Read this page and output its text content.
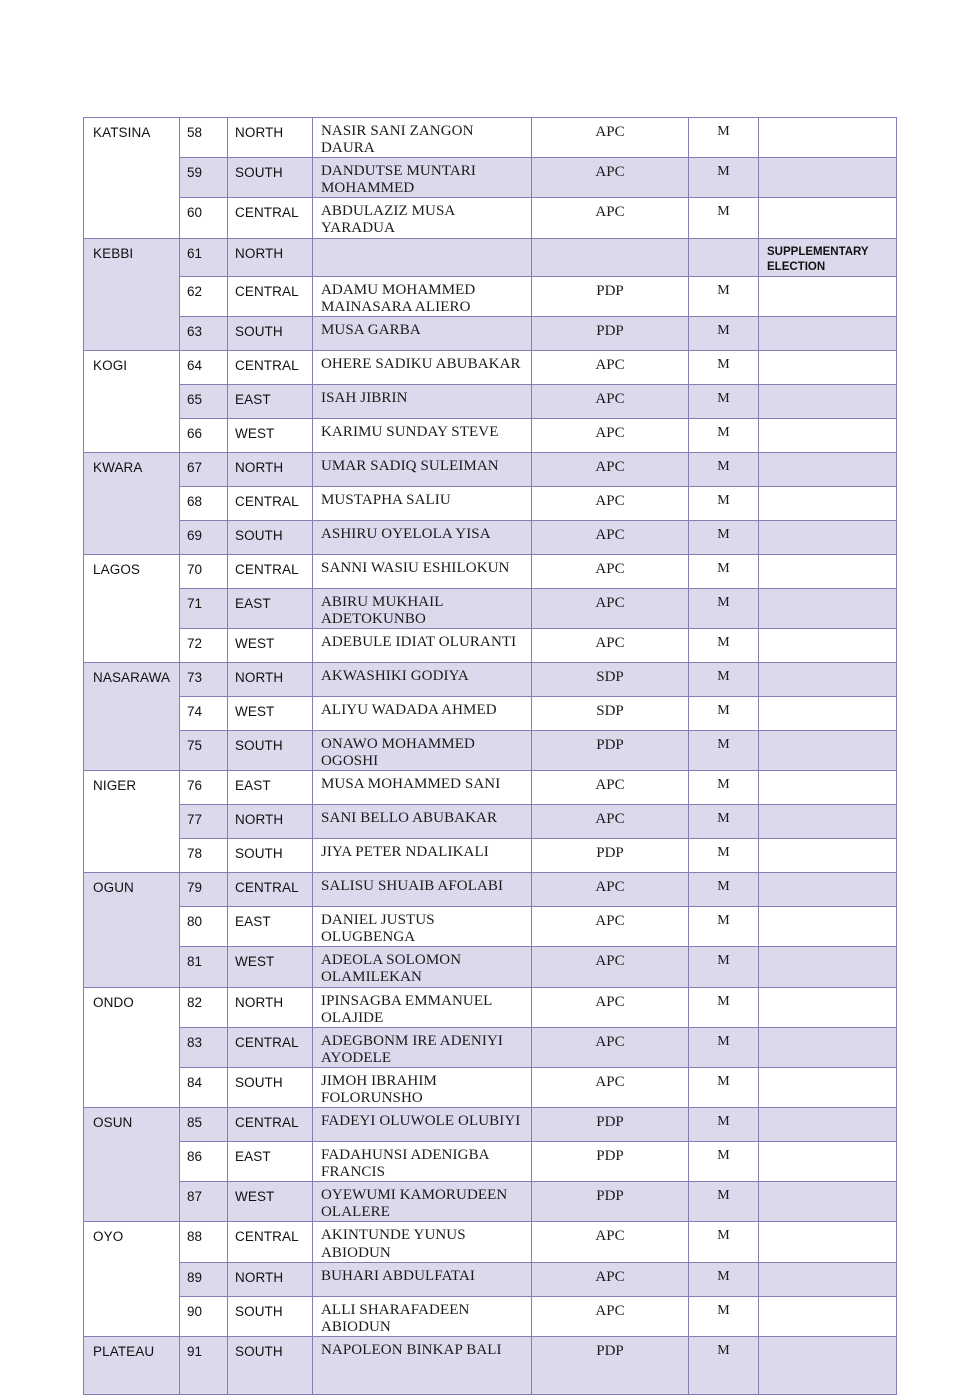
KATSINA	58	NORTH	NASIR SANI ZANGON DAURA	APC	M	

	59	SOUTH	DANDUTSE MUNTARI MOHAMMED	APC	M	

	60	CENTRAL	ABDULAZIZ MUSA YARADUA	APC	M	

KEBBI	61	NORTH				SUPPLEMENTARY ELECTION

	62	CENTRAL	ADAMU MOHAMMED MAINASARA ALIERO	PDP	M	

	63	SOUTH	MUSA GARBA	PDP	M	

KOGI	64	CENTRAL	OHERE SADIKU ABUBAKAR	APC	M	

	65	EAST	ISAH JIBRIN	APC	M	

	66	WEST	KARIMU SUNDAY STEVE	APC	M	

KWARA	67	NORTH	UMAR SADIQ SULEIMAN	APC	M	

	68	CENTRAL	MUSTAPHA SALIU	APC	M	

	69	SOUTH	ASHIRU OYELOLA YISA	APC	M	

LAGOS	70	CENTRAL	SANNI WASIU ESHILOKUN	APC	M	

	71	EAST	ABIRU MUKHAIL ADETOKUNBO	APC	M	

	72	WEST	ADEBULE IDIAT OLURANTI	APC	M	

NASARAWA	73	NORTH	AKWASHIKI GODIYA	SDP	M	

	74	WEST	ALIYU WADADA AHMED	SDP	M	

	75	SOUTH	ONAWO MOHAMMED OGOSHI	PDP	M	

NIGER	76	EAST	MUSA MOHAMMED SANI	APC	M	

	77	NORTH	SANI BELLO ABUBAKAR	APC	M	

	78	SOUTH	JIYA PETER NDALIKALI	PDP	M	

OGUN	79	CENTRAL	SALISU SHUAIB AFOLABI	APC	M	

	80	EAST	DANIEL JUSTUS OLUGBENGA	APC	M	

	81	WEST	ADEOLA SOLOMON OLAMILEKAN	APC	M	

ONDO	82	NORTH	IPINSAGBA EMMANUEL OLAJIDE	APC	M	

	83	CENTRAL	ADEGBONM IRE ADENIYI AYODELE	APC	M	

	84	SOUTH	JIMOH IBRAHIM FOLORUNSHO	APC	M	

OSUN	85	CENTRAL	FADEYI OLUWOLE OLUBIYI	PDP	M	

	86	EAST	FADAHUNSI ADENIGBA FRANCIS	PDP	M	

	87	WEST	OYEWUMI KAMORUDEEN OLALERE	PDP	M	

OYO	88	CENTRAL	AKINTUNDE YUNUS ABIODUN	APC	M	

	89	NORTH	BUHARI ABDULFATAI	APC	M	

	90	SOUTH	ALLI SHARAFADEEN ABIODUN	APC	M	

PLATEAU	91	SOUTH	NAPOLEON BINKAP BALI	PDP	M	
